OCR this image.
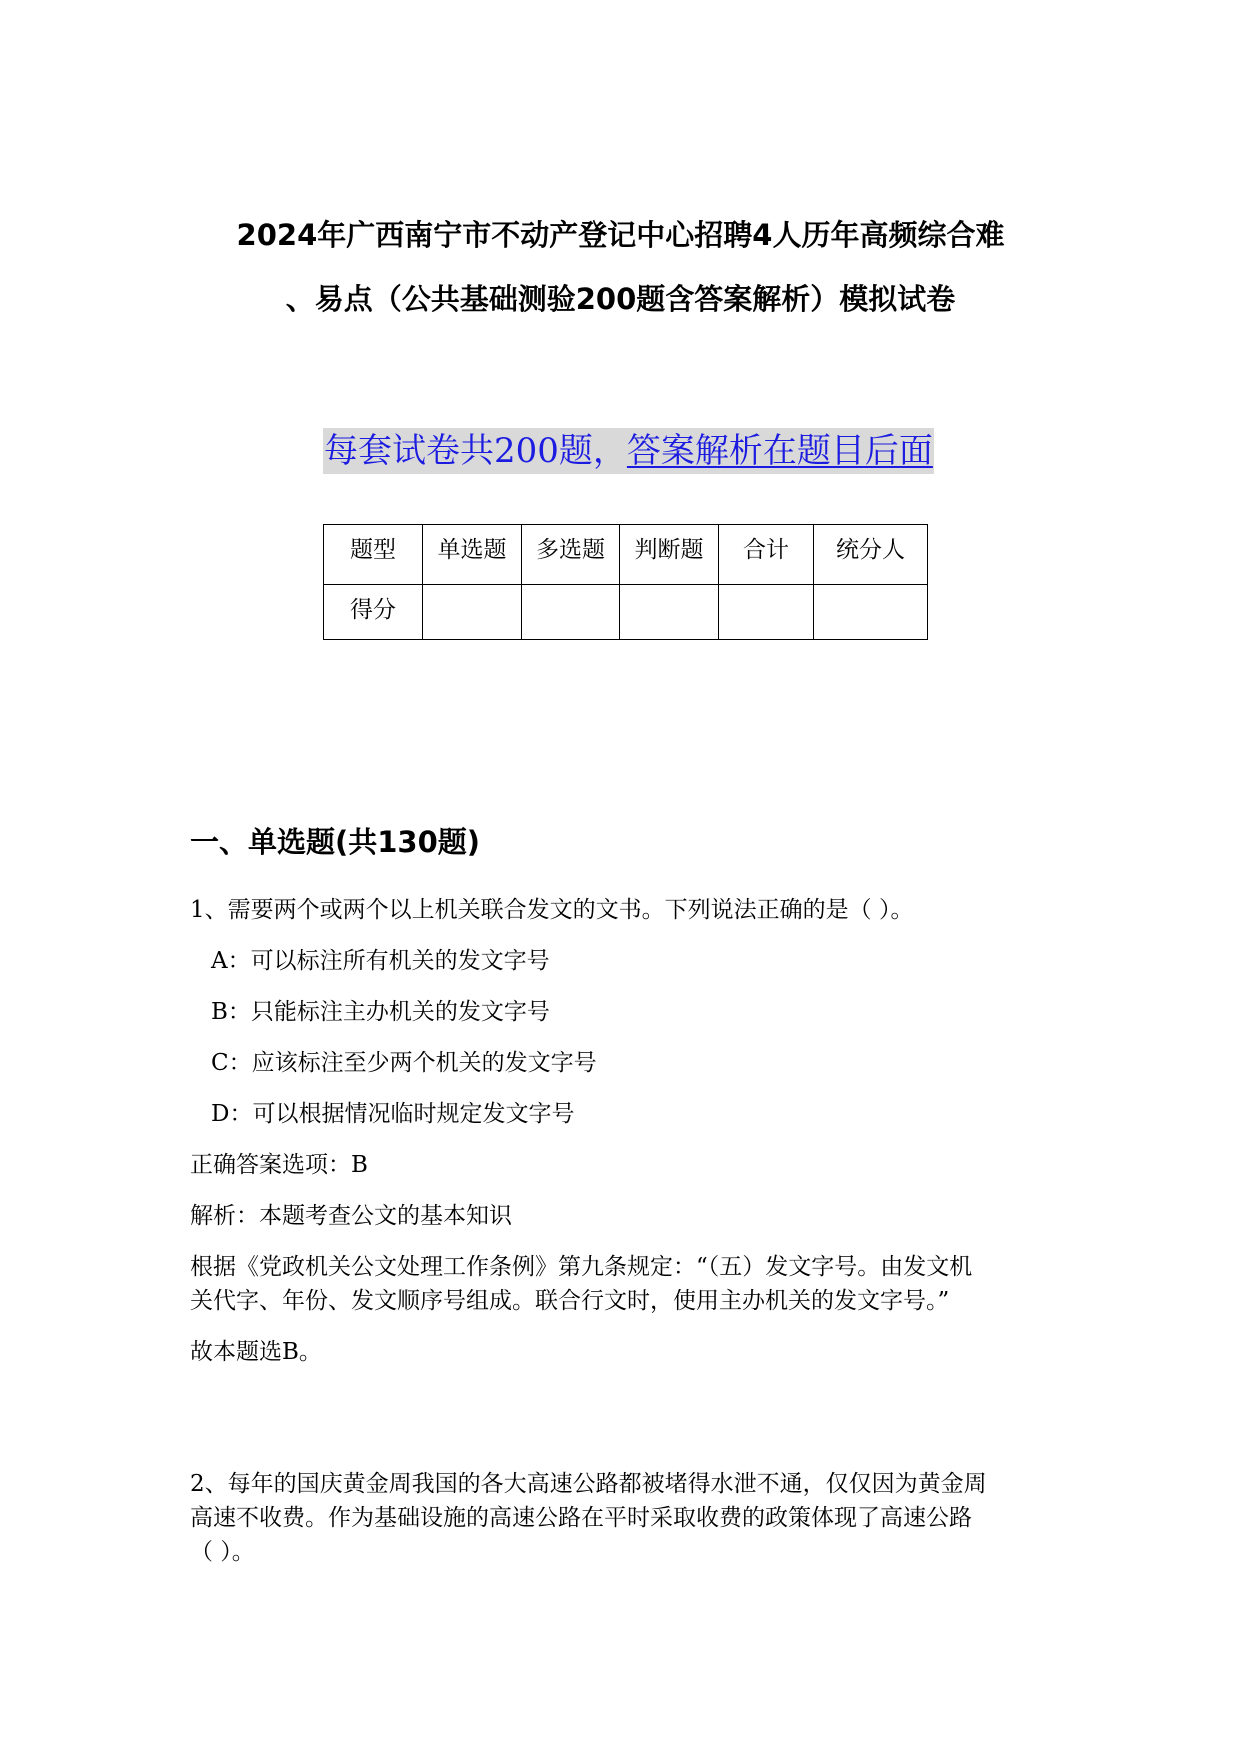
2024年广西南宁市不动产登记中心招聘4人历年高频综合难
、易点（公共基础测验200题含答案解析）模拟试卷
每套试卷共200题，答案解析在题目后面
题型	单选题	多选题	判断题	合计	统分人
得分					
一、单选题(共130题)
1、需要两个或两个以上机关联合发文的文书。下列说法正确的是（ ）。
A：可以标注所有机关的发文字号
B：只能标注主办机关的发文字号
C：应该标注至少两个机关的发文字号
D：可以根据情况临时规定发文字号
正确答案选项：B
解析：本题考查公文的基本知识
根据《党政机关公文处理工作条例》第九条规定：“（五）发文字号。由发文机
关代字、年份、发文顺序号组成。联合行文时，使用主办机关的发文字号。”
故本题选B。
2、每年的国庆黄金周我国的各大高速公路都被堵得水泄不通，仅仅因为黄金周
高速不收费。作为基础设施的高速公路在平时采取收费的政策体现了高速公路
（ ）。
